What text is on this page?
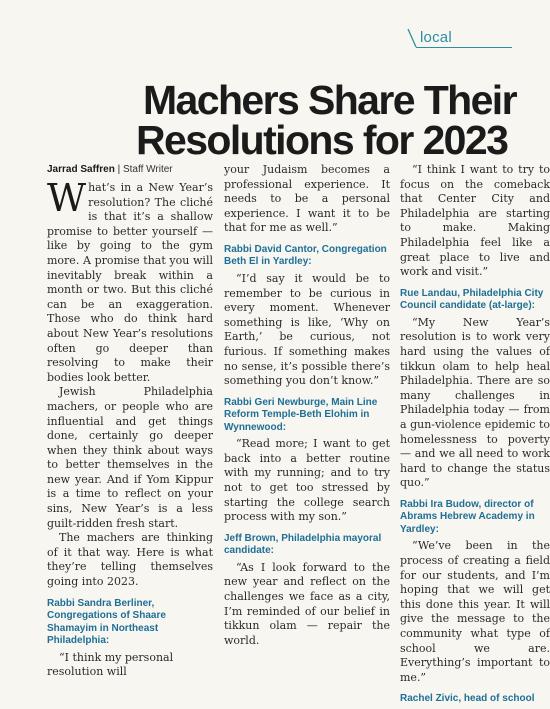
local
Machers Share Their
Resolutions for 2023
Jarrad Saffren | Staff Writer

What’s in a New Year’s resolution? The cliché is that it’s a shallow promise to better yourself — like by going to the gym more. A promise that you will inevitably break within a month or two. But this cliché can be an exaggeration. Those who do think hard about New Year’s resolutions often go deeper than resolving to make their bodies look better.

Jewish Philadelphia machers, or people who are influential and get things done, certainly go deeper when they think about ways to better themselves in the new year. And if Yom Kippur is a time to reflect on your sins, New Year’s is a less guilt-ridden fresh start.

The machers are thinking of it that way. Here is what they’re telling themselves going into 2023.

Rabbi Sandra Berliner, Congregations of Shaare Shamayim in Northeast Philadelphia:

“I think my personal resolution will

your Judaism becomes a professional experience. It needs to be a personal experience. I want it to be that for me as well.”

Rabbi David Cantor, Congregation Beth El in Yardley:

“I’d say it would be to remember to be curious in every moment. Whenever something is like, ‘Why on Earth,’ be curious, not furious. If something makes no sense, it’s possible there’s something you don’t know.”

Rabbi Geri Newburge, Main Line Reform Temple-Beth Elohim in Wynnewood:

“Read more; I want to get back into a better routine with my running; and to try not to get too stressed by starting the college search process with my son.”

Jeff Brown, Philadelphia mayoral candidate:

“As I look forward to the new year and reflect on the challenges we face as a city, I’m reminded of our belief in tikkun olam — repair the world.

“I think I want to try to focus on the comeback that Center City and Philadelphia are starting to make. Making Philadelphia feel like a great place to live and work and visit.”

Rue Landau, Philadelphia City Council candidate (at-large):

“My New Year’s resolution is to work very hard using the values of tikkun olam to help heal Philadelphia. There are so many challenges in Philadelphia today — from a gun-violence epidemic to homelessness to poverty — and we all need to work hard to change the status quo.”

Rabbi Ira Budow, director of Abrams Hebrew Academy in Yardley:

“We’ve been in the process of creating a field for our students, and I’m hoping that we will get this done this year. It will give the message to the community what type of school we are. Everything’s important to me.”

Rachel Zivic, head of school
